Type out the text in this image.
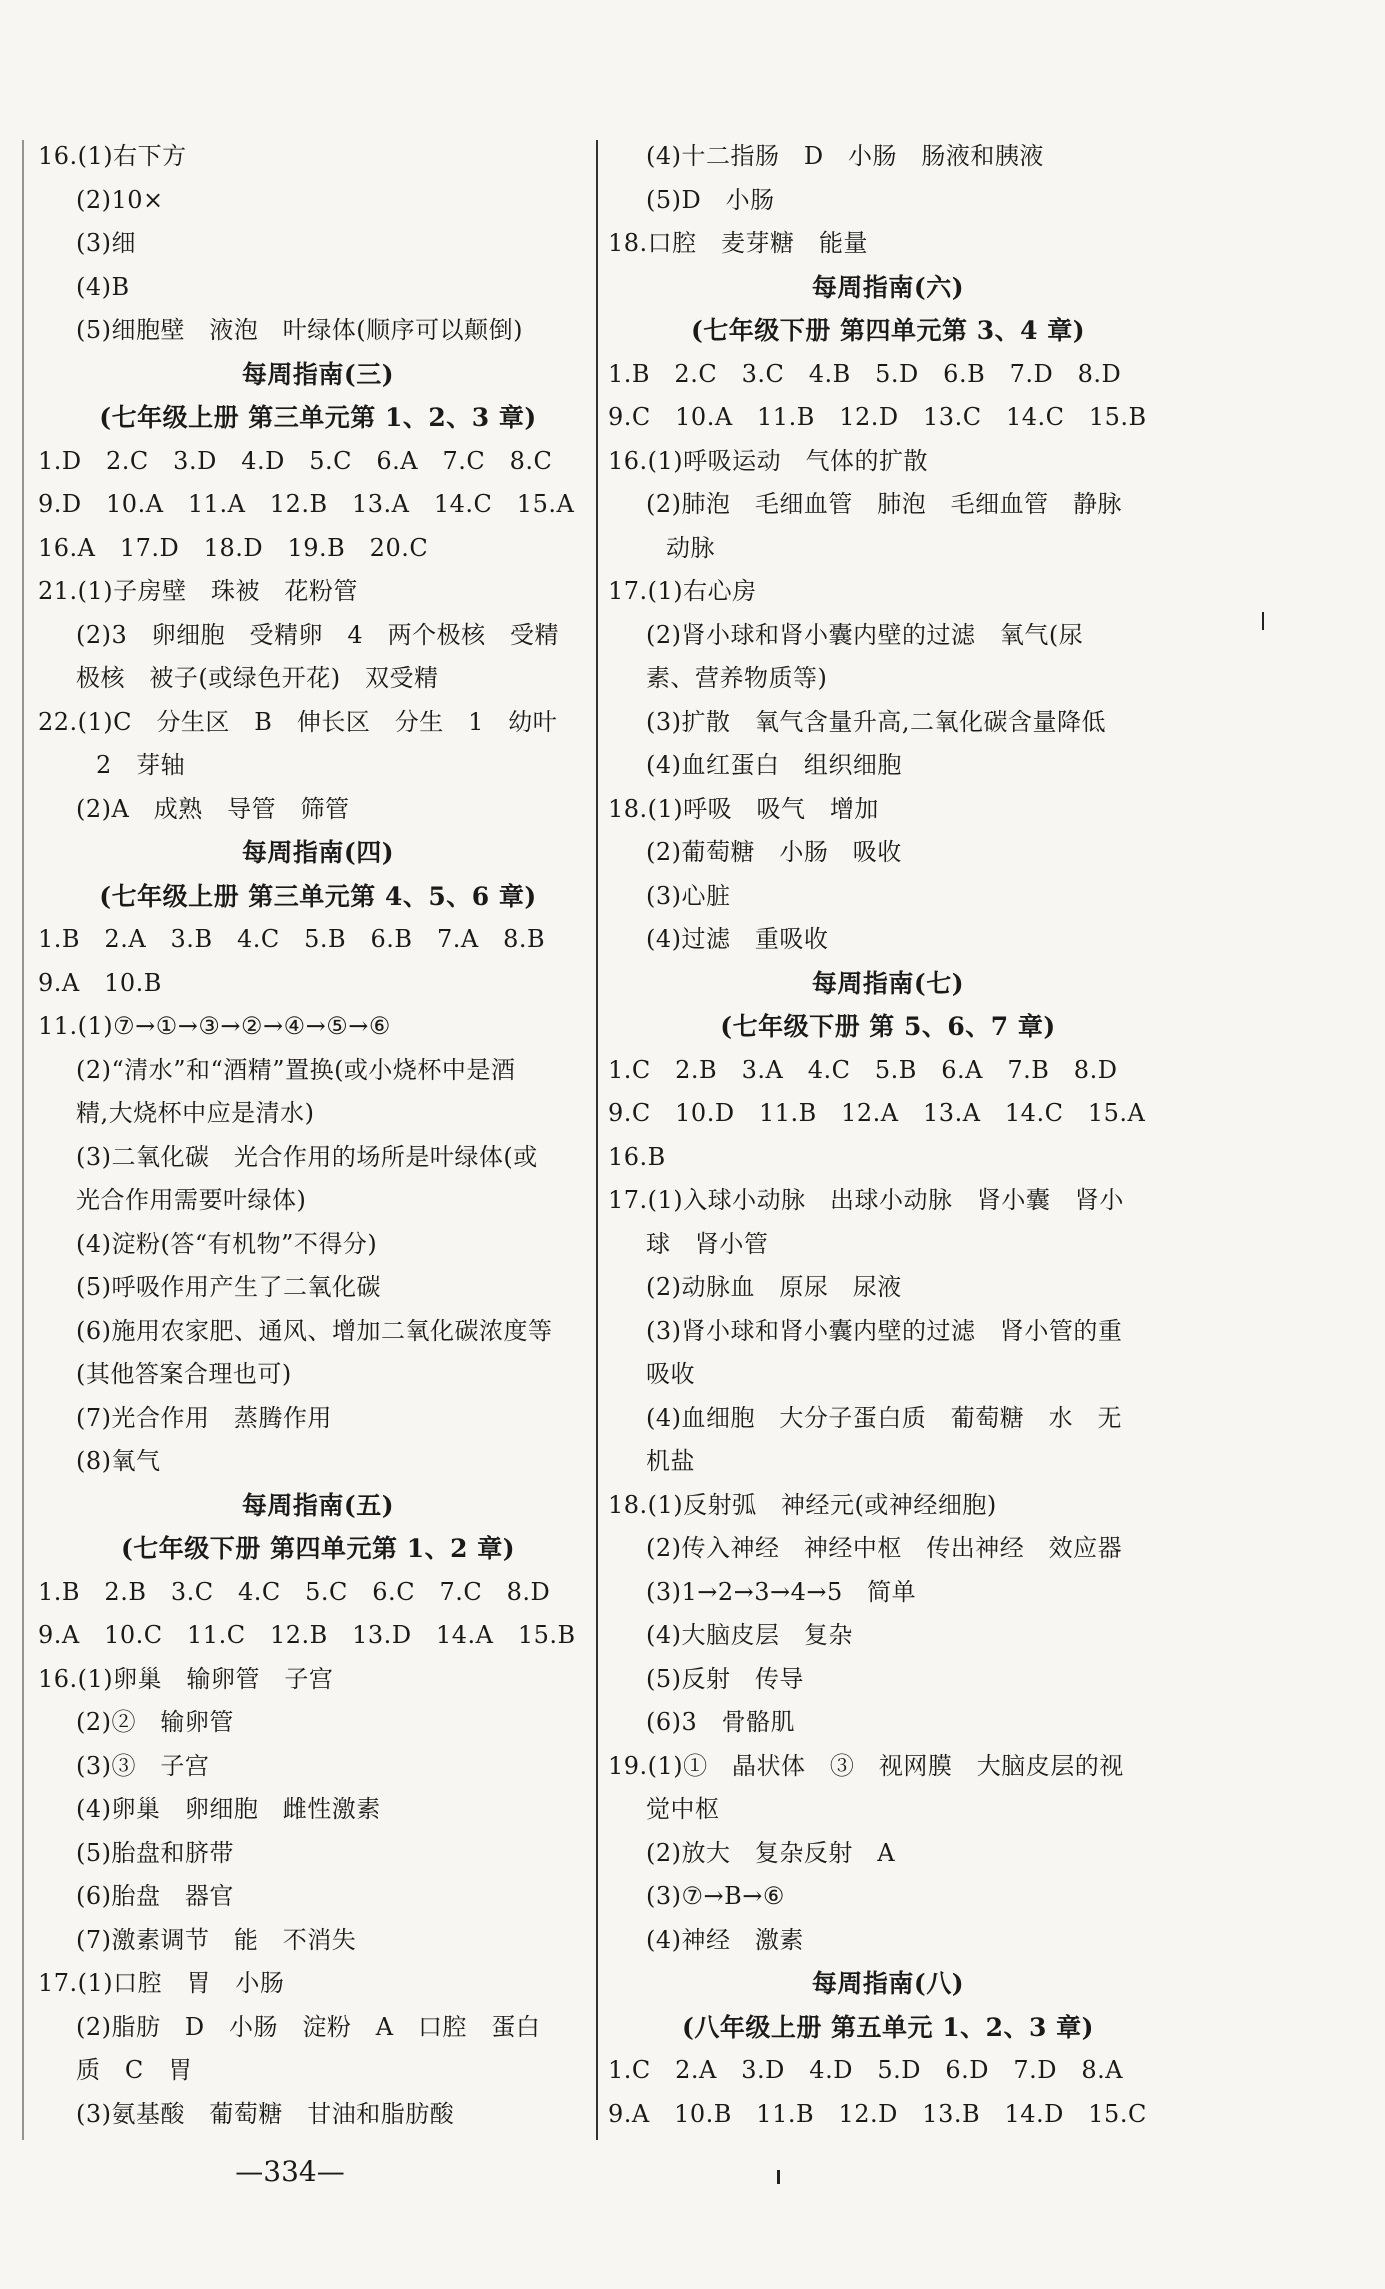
16.(1)右下方
(2)10×
(3)细
(4)B
(5)细胞壁   液泡   叶绿体(顺序可以颠倒)
每周指南(三)
(七年级上册 第三单元第 1、2、3 章)
1.D   2.C   3.D   4.D   5.C   6.A   7.C   8.C
9.D   10.A   11.A   12.B   13.A   14.C   15.A
16.A   17.D   18.D   19.B   20.C
21.(1)子房壁   珠被   花粉管
(2)3   卵细胞   受精卵   4   两个极核   受精
极核   被子(或绿色开花)   双受精
22.(1)C   分生区   B   伸长区   分生   1   幼叶
2   芽轴
(2)A   成熟   导管   筛管
每周指南(四)
(七年级上册 第三单元第 4、5、6 章)
1.B   2.A   3.B   4.C   5.B   6.B   7.A   8.B
9.A   10.B
11.(1)⑦→①→③→②→④→⑤→⑥
(2)“清水”和“酒精”置换(或小烧杯中是酒
精,大烧杯中应是清水)
(3)二氧化碳   光合作用的场所是叶绿体(或
光合作用需要叶绿体)
(4)淀粉(答“有机物”不得分)
(5)呼吸作用产生了二氧化碳
(6)施用农家肥、通风、增加二氧化碳浓度等
(其他答案合理也可)
(7)光合作用   蒸腾作用
(8)氧气
每周指南(五)
(七年级下册 第四单元第 1、2 章)
1.B   2.B   3.C   4.C   5.C   6.C   7.C   8.D
9.A   10.C   11.C   12.B   13.D   14.A   15.B
16.(1)卵巢   输卵管   子宫
(2)②   输卵管
(3)③   子宫
(4)卵巢   卵细胞   雌性激素
(5)胎盘和脐带
(6)胎盘   器官
(7)激素调节   能   不消失
17.(1)口腔   胃   小肠
(2)脂肪   D   小肠   淀粉   A   口腔   蛋白
质   C   胃
(3)氨基酸   葡萄糖   甘油和脂肪酸
(4)十二指肠   D   小肠   肠液和胰液
(5)D   小肠
18.口腔   麦芽糖   能量
每周指南(六)
(七年级下册 第四单元第 3、4 章)
1.B   2.C   3.C   4.B   5.D   6.B   7.D   8.D
9.C   10.A   11.B   12.D   13.C   14.C   15.B
16.(1)呼吸运动   气体的扩散
(2)肺泡   毛细血管   肺泡   毛细血管   静脉
动脉
17.(1)右心房
(2)肾小球和肾小囊内壁的过滤   氧气(尿
素、营养物质等)
(3)扩散   氧气含量升高,二氧化碳含量降低
(4)血红蛋白   组织细胞
18.(1)呼吸   吸气   增加
(2)葡萄糖   小肠   吸收
(3)心脏
(4)过滤   重吸收
每周指南(七)
(七年级下册 第 5、6、7 章)
1.C   2.B   3.A   4.C   5.B   6.A   7.B   8.D
9.C   10.D   11.B   12.A   13.A   14.C   15.A
16.B
17.(1)入球小动脉   出球小动脉   肾小囊   肾小
球   肾小管
(2)动脉血   原尿   尿液
(3)肾小球和肾小囊内壁的过滤   肾小管的重
吸收
(4)血细胞   大分子蛋白质   葡萄糖   水   无
机盐
18.(1)反射弧   神经元(或神经细胞)
(2)传入神经   神经中枢   传出神经   效应器
(3)1→2→3→4→5   简单
(4)大脑皮层   复杂
(5)反射   传导
(6)3   骨骼肌
19.(1)①   晶状体   ③   视网膜   大脑皮层的视
觉中枢
(2)放大   复杂反射   A
(3)⑦→B→⑥
(4)神经   激素
每周指南(八)
(八年级上册 第五单元 1、2、3 章)
1.C   2.A   3.D   4.D   5.D   6.D   7.D   8.A
9.A   10.B   11.B   12.D   13.B   14.D   15.C
—334—
